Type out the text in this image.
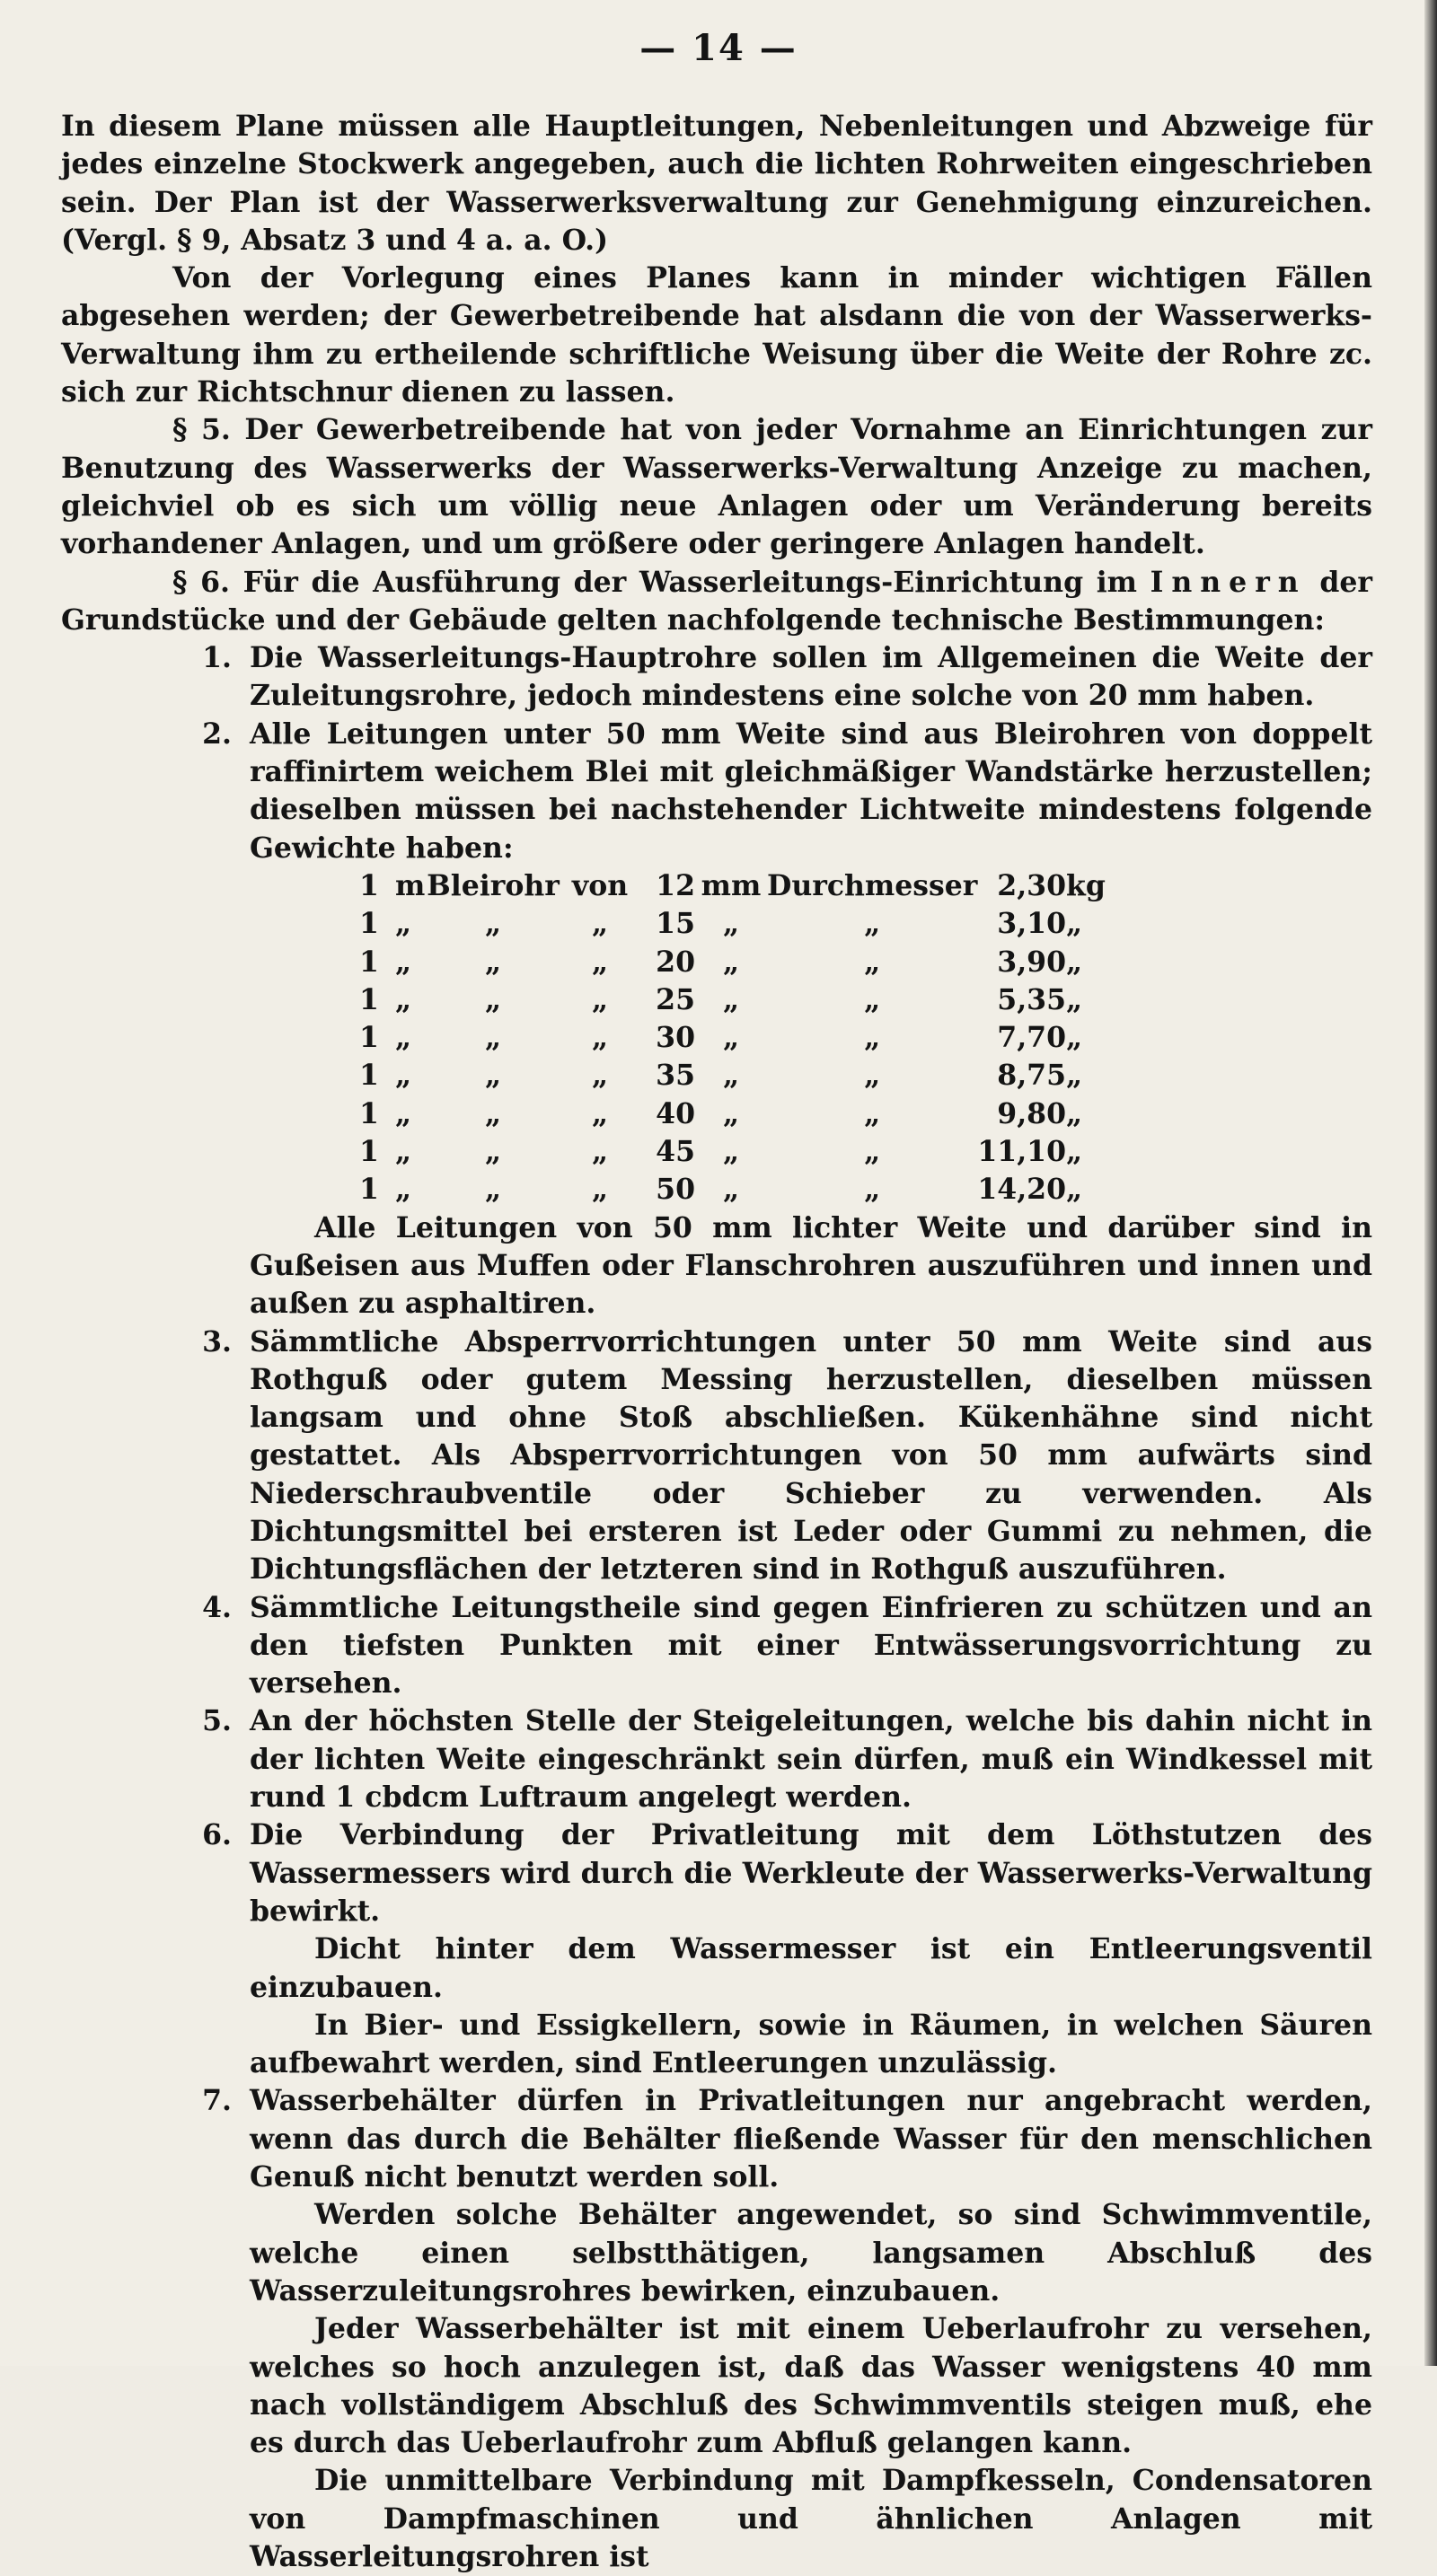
— 14 —

In diesem Plane müssen alle Hauptleitungen, Nebenleitungen und Abzweige für jedes einzelne Stockwerk angegeben, auch die lichten Rohrweiten eingeschrieben sein. Der Plan ist der Wasserwerksverwaltung zur Genehmigung einzureichen. (Vergl. § 9, Absatz 3 und 4 a. a. O.)

Von der Vorlegung eines Planes kann in minder wichtigen Fällen abgesehen werden; der Gewerbetreibende hat alsdann die von der Wasserwerks-Verwaltung ihm zu ertheilende schriftliche Weisung über die Weite der Rohre zc. sich zur Richtschnur dienen zu lassen.

§ 5. Der Gewerbetreibende hat von jeder Vornahme an Einrichtungen zur Benutzung des Wasserwerks der Wasserwerks-Verwaltung Anzeige zu machen, gleichviel ob es sich um völlig neue Anlagen oder um Veränderung bereits vorhandener Anlagen, und um größere oder geringere Anlagen handelt.

§ 6. Für die Ausführung der Wasserleitungs-Einrichtung im Innern der Grundstücke und der Gebäude gelten nachfolgende technische Bestimmungen:

1. Die Wasserleitungs-Hauptrohre sollen im Allgemeinen die Weite der Zuleitungsrohre, jedoch mindestens eine solche von 20 mm haben.

2. Alle Leitungen unter 50 mm Weite sind aus Bleirohren von doppelt raffinirtem weichem Blei mit gleichmäßiger Wandstärke herzustellen; dieselben müssen bei nachstehender Lichtweite mindestens folgende Gewichte haben:

1	m	Bleirohr	von	12	mm	Durchmesser	2,30	kg
1	„	„	„	15	„	„	3,10	„
1	„	„	„	20	„	„	3,90	„
1	„	„	„	25	„	„	5,35	„
1	„	„	„	30	„	„	7,70	„
1	„	„	„	35	„	„	8,75	„
1	„	„	„	40	„	„	9,80	„
1	„	„	„	45	„	„	11,10	„
1	„	„	„	50	„	„	14,20	„
Alle Leitungen von 50 mm lichter Weite und darüber sind in Gußeisen aus Muffen oder Flanschrohren auszuführen und innen und außen zu asphaltiren.
3. Sämmtliche Absperrvorrichtungen unter 50 mm Weite sind aus Rothguß oder gutem Messing herzustellen, dieselben müssen langsam und ohne Stoß abschließen. Kükenhähne sind nicht gestattet. Als Absperrvorrichtungen von 50 mm aufwärts sind Niederschraubventile oder Schieber zu verwenden. Als Dichtungsmittel bei ersteren ist Leder oder Gummi zu nehmen, die Dichtungsflächen der letzteren sind in Rothguß auszuführen.

4. Sämmtliche Leitungstheile sind gegen Einfrieren zu schützen und an den tiefsten Punkten mit einer Entwässerungsvorrichtung zu versehen.

5. An der höchsten Stelle der Steigeleitungen, welche bis dahin nicht in der lichten Weite eingeschränkt sein dürfen, muß ein Windkessel mit rund 1 cbdcm Luftraum angelegt werden.

6. Die Verbindung der Privatleitung mit dem Löthstutzen des Wassermessers wird durch die Werkleute der Wasserwerks-Verwaltung bewirkt.

Dicht hinter dem Wassermesser ist ein Entleerungsventil einzubauen.

In Bier- und Essigkellern, sowie in Räumen, in welchen Säuren aufbewahrt werden, sind Entleerungen unzulässig.

7. Wasserbehälter dürfen in Privatleitungen nur angebracht werden, wenn das durch die Behälter fließende Wasser für den menschlichen Genuß nicht benutzt werden soll.

Werden solche Behälter angewendet, so sind Schwimmventile, welche einen selbstthätigen, langsamen Abschluß des Wasserzuleitungsrohres bewirken, einzubauen.

Jeder Wasserbehälter ist mit einem Ueberlaufrohr zu versehen, welches so hoch anzulegen ist, daß das Wasser wenigstens 40 mm nach vollständigem Abschluß des Schwimmventils steigen muß, ehe es durch das Ueberlaufrohr zum Abfluß gelangen kann.

Die unmittelbare Verbindung mit Dampfkesseln, Condensatoren von Dampfmaschinen und ähnlichen Anlagen mit Wasserleitungsrohren ist
